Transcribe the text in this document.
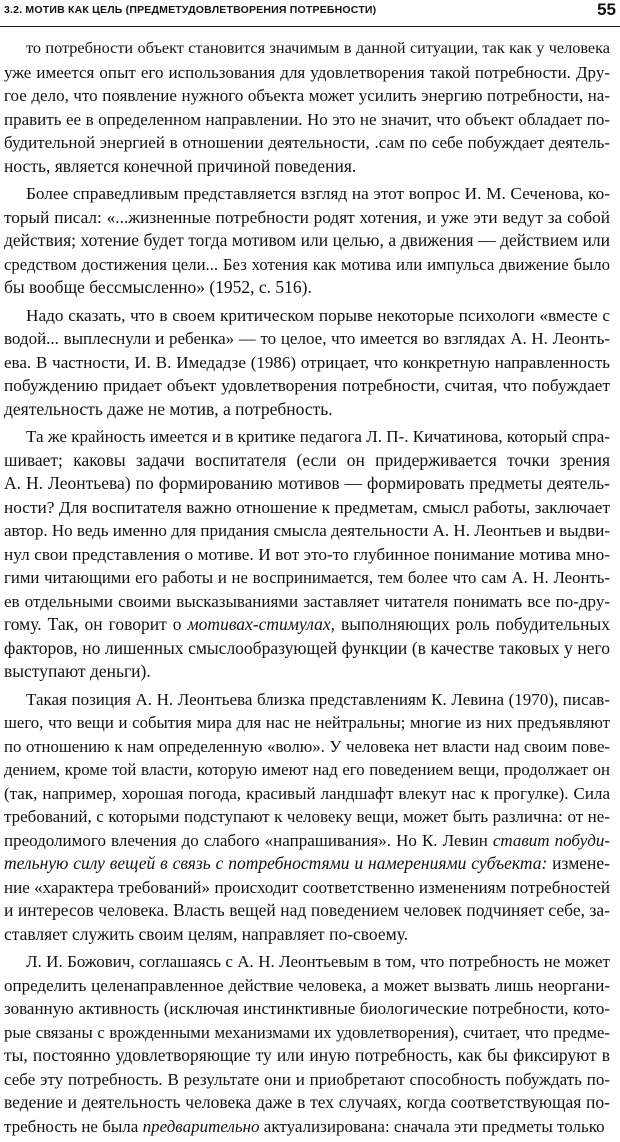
3.2. МОТИВ КАК ЦЕЛЬ (ПРЕДМЕТУДОВЛЕТВОРЕНИЯ ПОТРЕБНОСТИ)	55
то потребности объект становится значимым в данной ситуации, так как у человека
уже имеется опыт его использования для удовлетворения такой потребности. Дру-
гое дело, что появление нужного объекта может усилить энергию потребности, на-
править ее в определенном направлении. Но это не значит, что объект обладает по-
будительной энергией в отношении деятельности, .сам по себе побуждает деятель-
ность, является конечной причиной поведения.
Более справедливым представляется взгляд на этот вопрос И. М. Сеченова, ко-
торый писал: «...жизненные потребности родят хотения, и уже эти ведут за собой
действия; хотение будет тогда мотивом или целью, а движения — действием или
средством достижения цели... Без хотения как мотива или импульса движение было
бы вообще бессмысленно» (1952, с. 516).
Надо сказать, что в своем критическом порыве некоторые психологи «вместе с
водой... выплеснули и ребенка» — то целое, что имеется во взглядах А. Н. Леонть-
ева. В частности, И. В. Имедадзе (1986) отрицает, что конкретную направленность
побуждению придает объект удовлетворения потребности, считая, что побуждает
деятельность даже не мотив, а потребность.
Та же крайность имеется и в критике педагога Л. П-. Кичатинова, который спра-
шивает; каковы задачи воспитателя (если он придерживается точки зрения
А. Н. Леонтьева) по формированию мотивов — формировать предметы деятель-
ности? Для воспитателя важно отношение к предметам, смысл работы, заключает
автор. Но ведь именно для придания смысла деятельности А. Н. Леонтьев и выдви-
нул свои представления о мотиве. И вот это-то глубинное понимание мотива мно-
гими читающими его работы и не воспринимается, тем более что сам А. Н. Леонть-
ев отдельными своими высказываниями заставляет читателя понимать все по-дру-
гому. Так, он говорит о мотивах-стимулах, выполняющих роль побудительных
факторов, но лишенных смыслообразующей функции (в качестве таковых у него
выступают деньги).
Такая позиция А. Н. Леонтьева близка представлениям К. Левина (1970), писав-
шего, что вещи и события мира для нас не нейтральны; многие из них предъявляют
по отношению к нам определенную «волю». У человека нет власти над своим пове-
дением, кроме той власти, которую имеют над его поведением вещи, продолжает он
(так, например, хорошая погода, красивый ландшафт влекут нас к прогулке). Сила
требований, с которыми подступают к человеку вещи, может быть различна: от не-
преодолимого влечения до слабого «напрашивания». Но К. Левин ставит побуди-
тельную силу вещей в связь с потребностями и намерениями субъекта: измене-
ние «характера требований» происходит соответственно изменениям потребностей
и интересов человека. Власть вещей над поведением человек подчиняет себе, за-
ставляет служить своим целям, направляет по-своему.
Л. И. Божович, соглашаясь с А. Н. Леонтьевым в том, что потребность не может
определить целенаправленное действие человека, а может вызвать лишь неоргани-
зованную активность (исключая инстинктивные биологические потребности, кото-
рые связаны с врожденными механизмами их удовлетворения), считает, что предме-
ты, постоянно удовлетворяющие ту или иную потребность, как бы фиксируют в
себе эту потребность. В результате они и приобретают способность побуждать по-
ведение и деятельность человека даже в тех случаях, когда соответствующая по-
требность не была предварительно актуализирована: сначала эти предметы только
